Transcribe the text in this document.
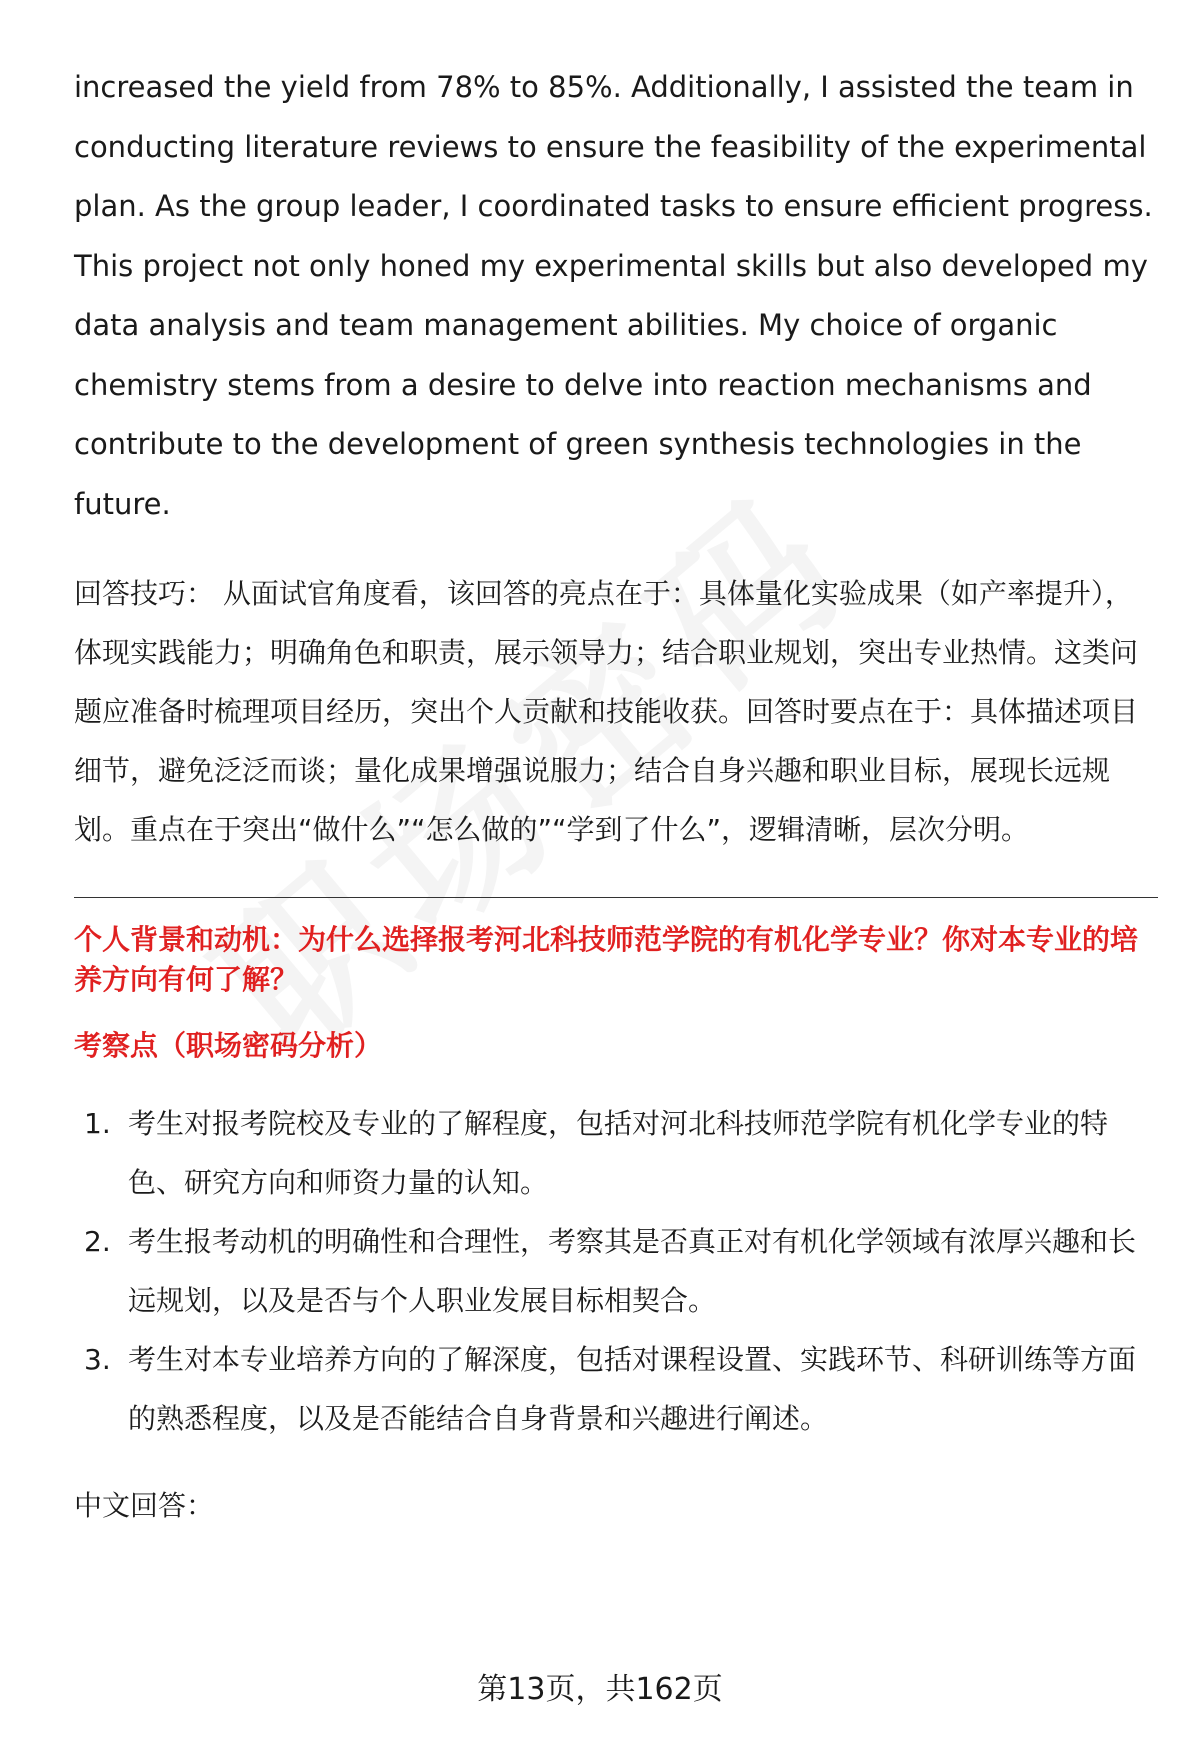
increased the yield from 78% to 85%. Additionally, I assisted the team in conducting literature reviews to ensure the feasibility of the experimental plan. As the group leader, I coordinated tasks to ensure efficient progress. This project not only honed my experimental skills but also developed my data analysis and team management abilities. My choice of organic chemistry stems from a desire to delve into reaction mechanisms and contribute to the development of green synthesis technologies in the future.

回答技巧： 从面试官角度看，该回答的亮点在于：具体量化实验成果（如产率提升），体现实践能力；明确角色和职责，展示领导力；结合职业规划，突出专业热情。这类问题应准备时梳理项目经历，突出个人贡献和技能收获。回答时要点在于：具体描述项目细节，避免泛泛而谈；量化成果增强说服力；结合自身兴趣和职业目标，展现长远规划。重点在于突出“做什么”“怎么做的”“学到了什么”，逻辑清晰，层次分明。

个人背景和动机：为什么选择报考河北科技师范学院的有机化学专业？你对本专业的培养方向有何了解？
考察点（职场密码分析）
1. 考生对报考院校及专业的了解程度，包括对河北科技师范学院有机化学专业的特色、研究方向和师资力量的认知。
2. 考生报考动机的明确性和合理性，考察其是否真正对有机化学领域有浓厚兴趣和长远规划，以及是否与个人职业发展目标相契合。
3. 考生对本专业培养方向的了解深度，包括对课程设置、实践环节、科研训练等方面的熟悉程度，以及是否能结合自身背景和兴趣进行阐述。

中文回答：

第13页，共162页
